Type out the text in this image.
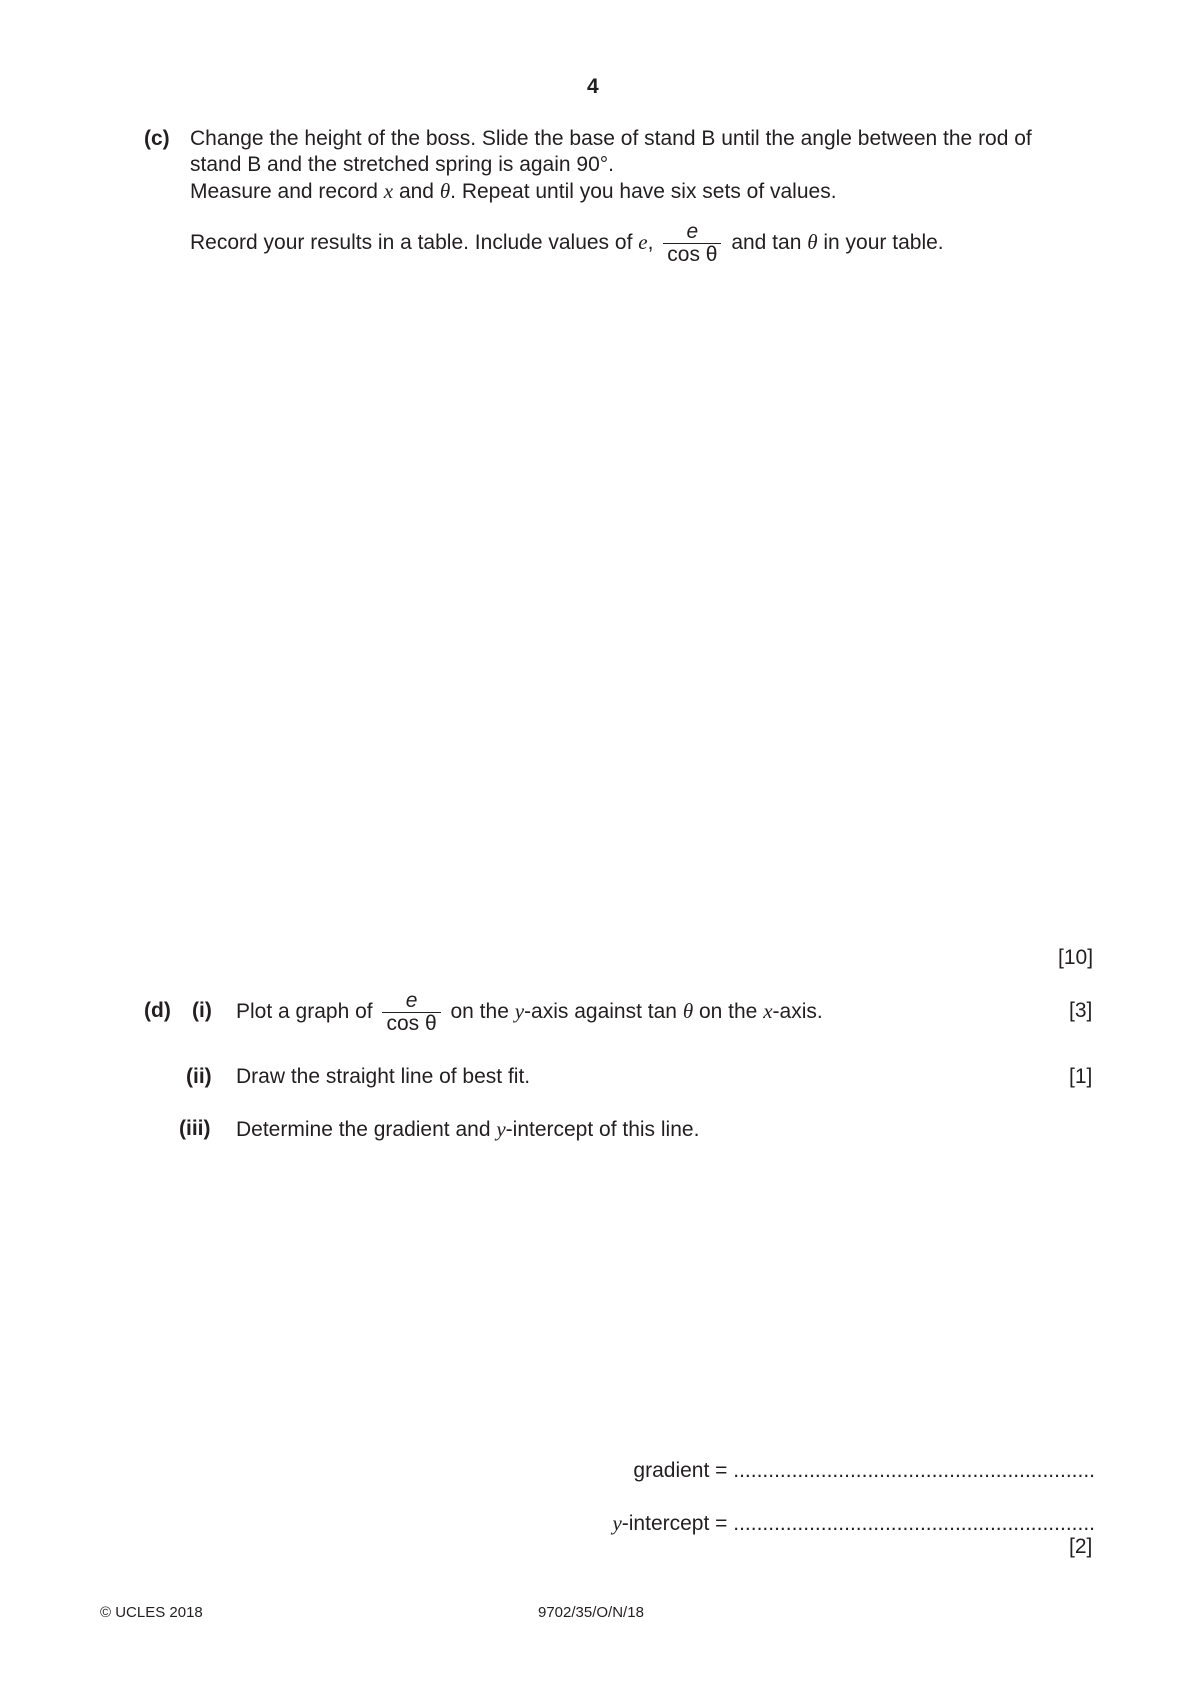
4
(c) Change the height of the boss. Slide the base of stand B until the angle between the rod of
stand B and the stretched spring is again 90°.
Measure and record x and θ. Repeat until you have six sets of values.
Record your results in a table. Include values of e, $\frac{e}{\text{cos θ}}$ and tan θ in your table.
[10]
(d) (i) Plot a graph of $\frac{e}{\text{cos θ}}$ on the y-axis against tan θ on the x-axis.	[3]
(ii) Draw the straight line of best fit.	[1]
(iii) Determine the gradient and y-intercept of this line.
gradient = ..............................................................
y-intercept = ..............................................................
[2]
© UCLES 2018	9702/35/O/N/18
